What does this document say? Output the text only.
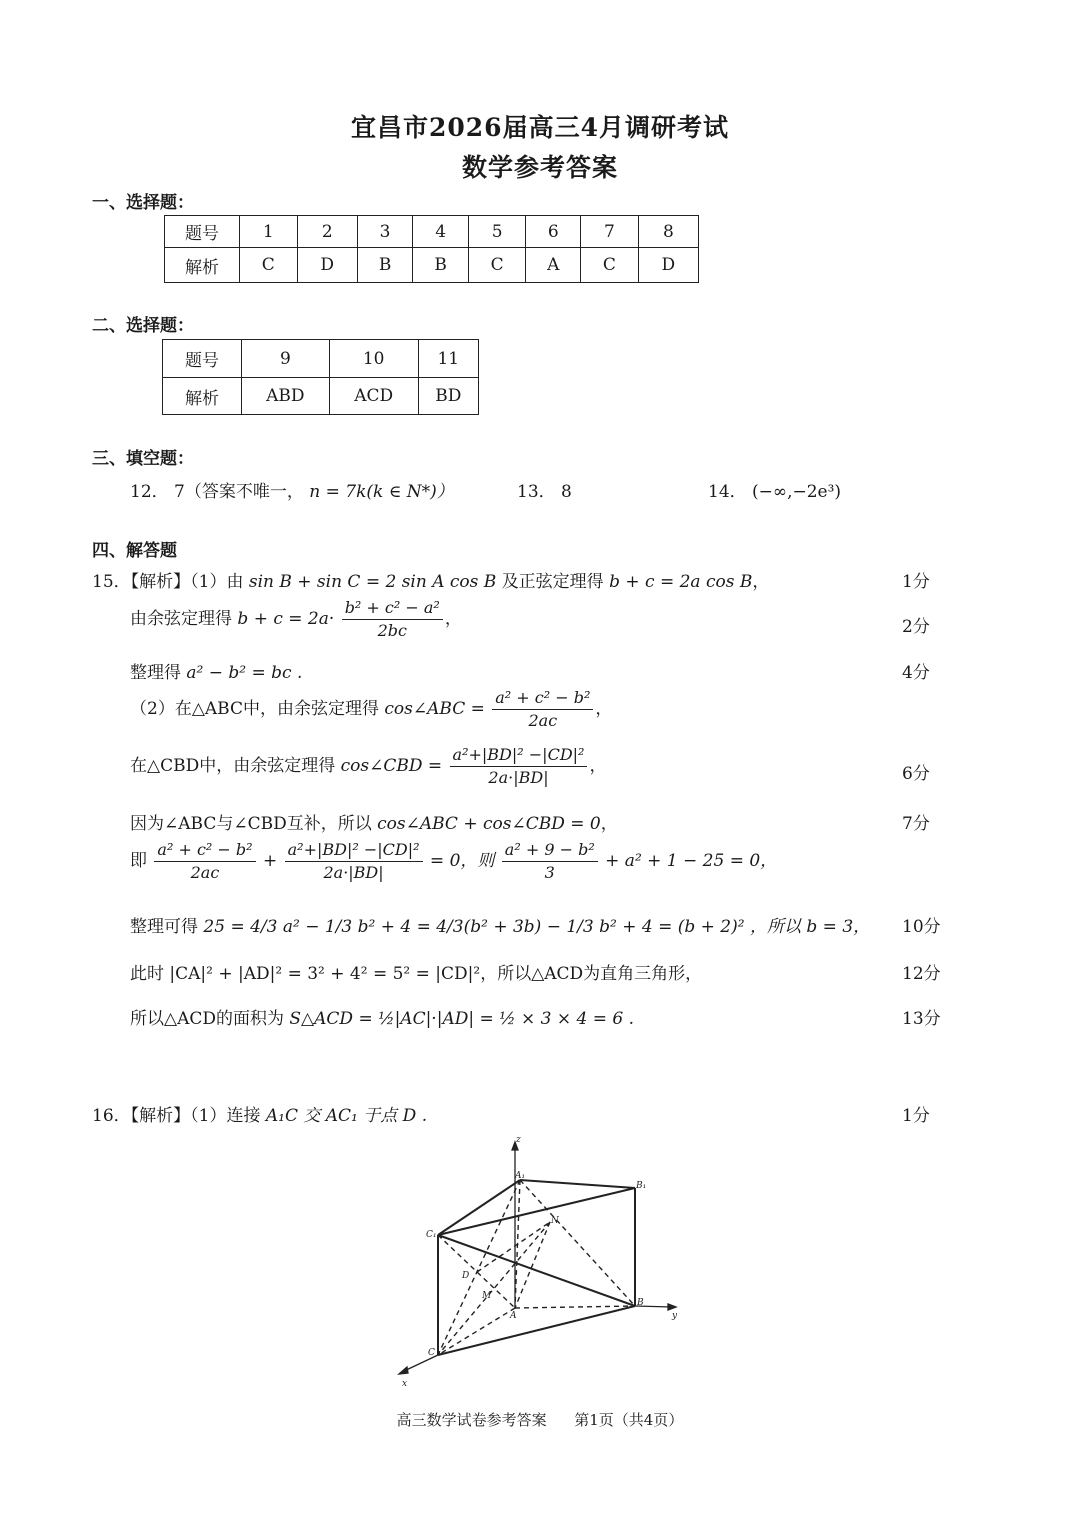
宜昌市2026届高三4月调研考试
数学参考答案
一、选择题：
题号	1	2	3	4	5	6	7	8
解析	C	D	B	B	C	A	C	D
二、选择题：
题号	9	10	11
解析	ABD	ACD	BD
三、填空题：
12． 7（答案不唯一， n = 7k(k ∈ N*)）	13． 8	14． (−∞,−2e³)
四、解答题
15．【解析】（1）由 sin B + sin C = 2 sin A cos B 及正弦定理得 b + c = 2a cos B，	1分
由余弦定理得 $b + c = 2a\cdot \frac{\text{b² + c² − a²}}{2bc}$ ，	2分
整理得 a² − b² = bc .	4分
（2）在△ABC中，由余弦定理得 cos∠ABC = $\frac{\text{a² + c² − b²}}{2ac}$ ，
在△CBD中，由余弦定理得 cos∠CBD = $\frac{\text{a²+|BD|² −|CD|²}}{2a\cdot|BD|}$ ，	6分
因为∠ABC与∠CBD互补，所以 cos∠ABC + cos∠CBD = 0，	7分
即 $\frac{\text{a² + c² − b²}}{2ac} + \frac{\text{a²+|BD|² −|CD|²}}{2a\cdot|BD|} = 0$，则 $\frac{\text{a² + 9 − b²}}{3} + a^2 + 1 - 25 = 0$，
整理可得 25 = 4/3 a² − 1/3 b² + 4 = 4/3(b² + 3b) − 1/3 b² + 4 = (b + 2)² ，所以 b = 3， 10分
此时 |CA|² + |AD|² = 3² + 4² = 5² = |CD|²，所以△ACD为直角三角形，	12分
所以△ACD的面积为 S△ACD = ½|AC|·|AD| = ½ × 3 × 4 = 6 .	13分
16．【解析】（1）连接 A₁C 交 AC₁ 于点 D .	1分
z
A₁
B₁
C₁
N
D
M
A
B
C
y
x
高三数学试卷参考答案 第1页（共4页）
